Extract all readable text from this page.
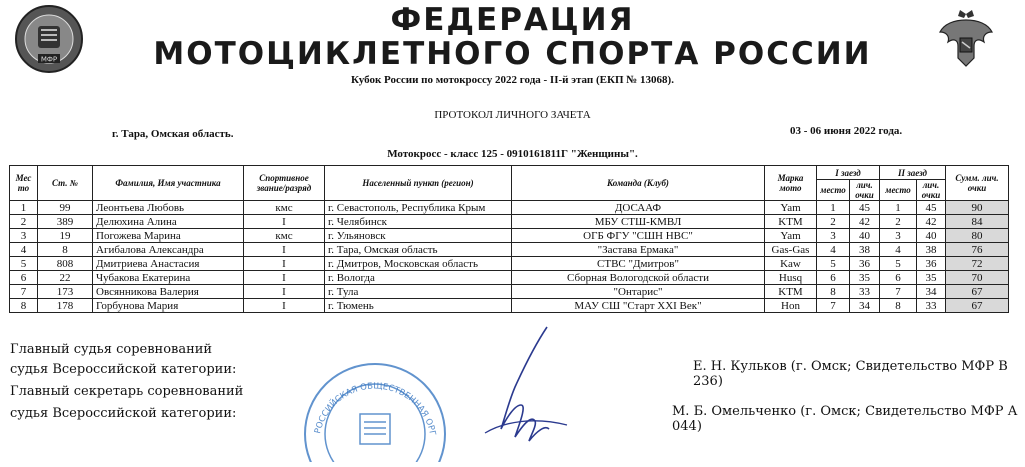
МФР
ФЕДЕРАЦИЯ
МОТОЦИКЛЕТНОГО СПОРТА РОССИИ
Кубок России по мотокроссу 2022 года - II-й этап (ЕКП № 13068).
ПРОТОКОЛ ЛИЧНОГО ЗАЧЕТА
г. Тара, Омская область.	03 - 06 июня 2022 года.
Мотокросс - класс 125 - 0910161811Г "Женщины".
Мес то	Ст. №	Фамилия, Имя участника	Спортивное звание/разряд	Населенный пункт (регион)	Команда (Клуб)	Марка мото	I заезд		II заезд		Сумм. лич. очки
							место	лич. очки	место	лич. очки	
1	99	Леонтьева Любовь	кмс	г. Севастополь, Республика Крым	ДОСААФ	Yam	1	45	1	45	90
2	389	Делюхина Алина	I	г. Челябинск	МБУ СТШ-КМВЛ	KTM	2	42	2	42	84
3	19	Погожева Марина	кмс	г. Ульяновск	ОГБ ФГУ "СШН НВС"	Yam	3	40	3	40	80
4	8	Агибалова Александра	I	г. Тара, Омская область	"Застава Ермака"	Gas-Gas	4	38	4	38	76
5	808	Дмитриева Анастасия	I	г. Дмитров, Московская область	СТВС "Дмитров"	Kaw	5	36	5	36	72
6	22	Чубакова Екатерина	I	г. Вологда	Сборная Вологодской области	Husq	6	35	6	35	70
7	173	Овсянникова Валерия	I	г. Тула	"Онтарис"	KTM	8	33	7	34	67
8	178	Горбунова Мария	I	г. Тюмень	МАУ СШ "Старт XXI Век"	Hon	7	34	8	33	67
РОССИЙСКАЯ ОБЩЕСТВЕННАЯ ОРГ
Главный судья соревнований
судья Всероссийской категории:
Главный секретарь соревнований
судья Всероссийской категории:
Е. Н. Кульков (г. Омск; Свидетельство МФР В 236)
М. Б. Омельченко (г. Омск; Свидетельство МФР А 044)
